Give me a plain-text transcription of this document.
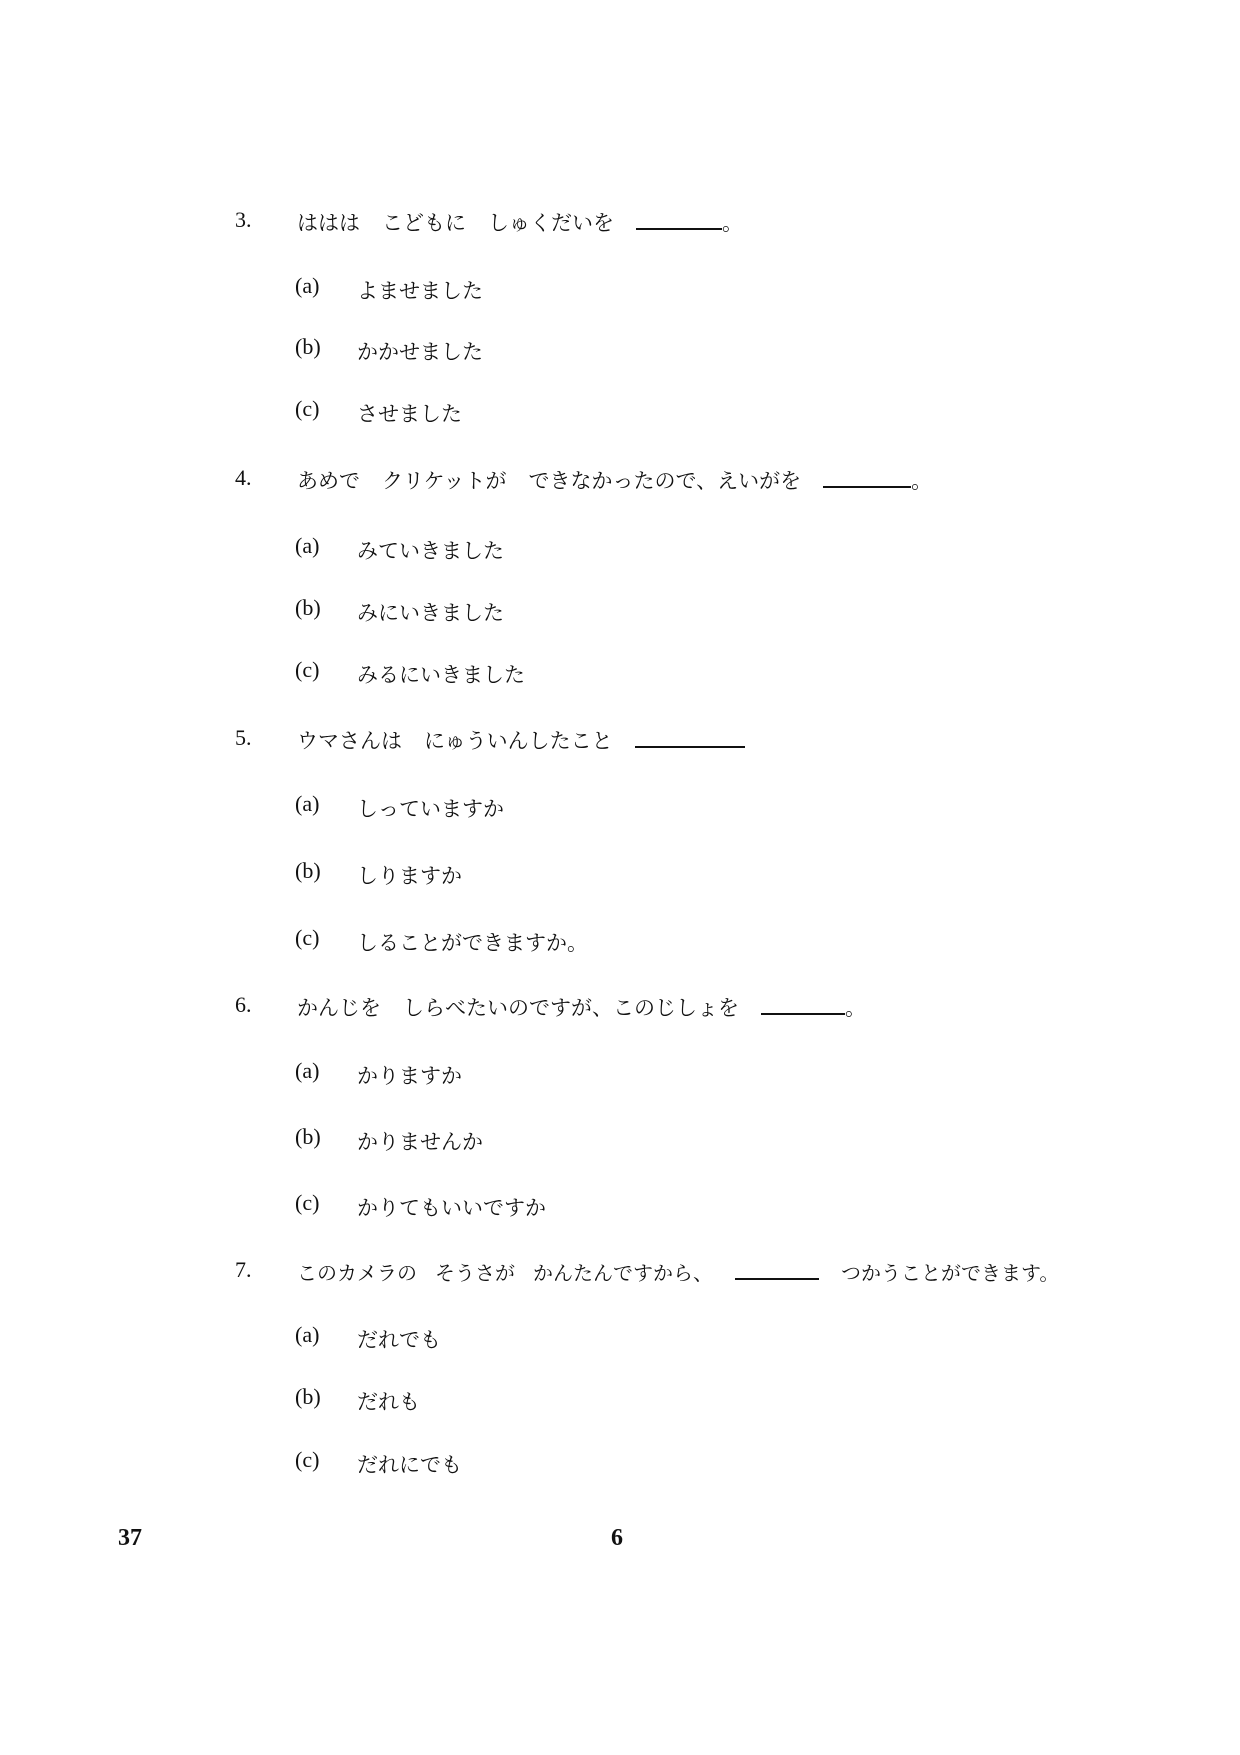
3. ははは こどもに しゅくだいを	。
(a) よませました
(b) かかせました
(c) させました
4. あめで クリケットが できなかったので、えいがを	。
(a) みていきました
(b) みにいきました
(c) みるにいきました
5. ウマさんは にゅういんしたこと
(a) しっていますか
(b) しりますか
(c) しることができますか。
6. かんじを しらべたいのですが、このじしょを	。
(a) かりますか
(b) かりませんか
(c) かりてもいいですか
7. このカメラの そうさが かんたんですから、	つかうことができます。
(a) だれでも
(b) だれも
(c) だれにでも
37	6
